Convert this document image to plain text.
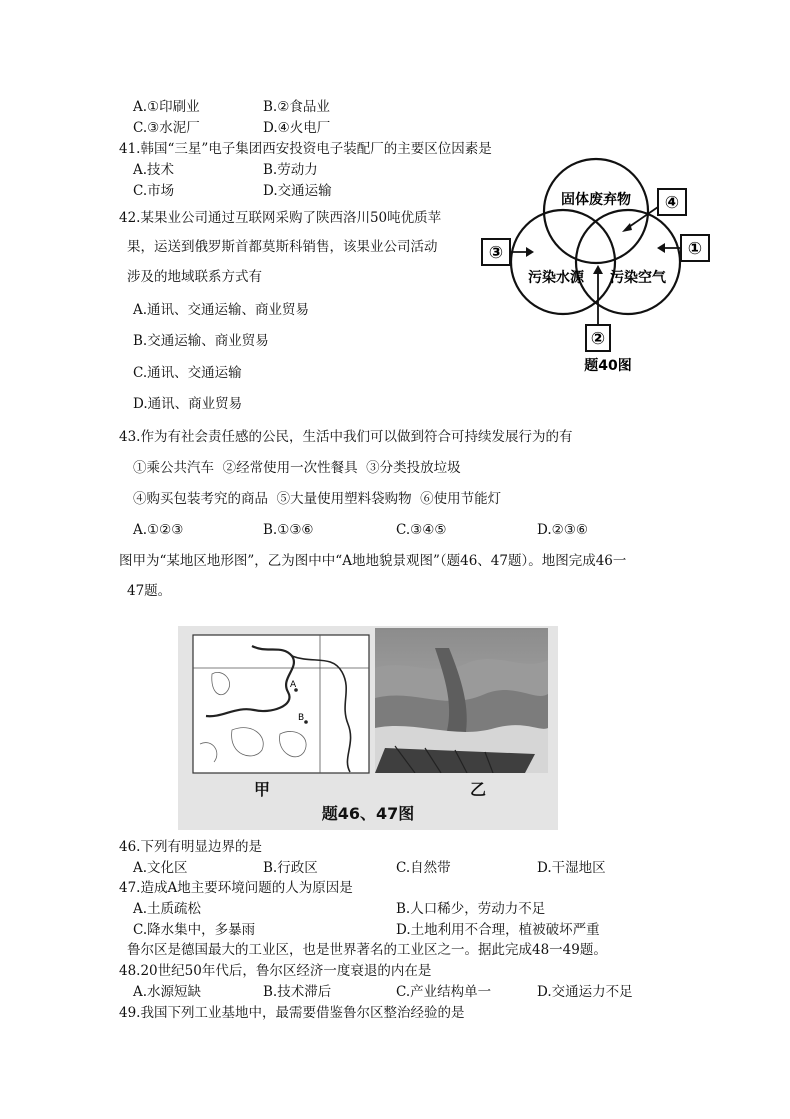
A.①印刷业	B.②食品业
C.③水泥厂	D.④火电厂
41.韩国“三星”电子集团西安投资电子装配厂的主要区位因素是
A.技术	B.劳动力
C.市场	D.交通运输
42.某果业公司通过互联网采购了陕西洛川50吨优质苹
果，运送到俄罗斯首都莫斯科销售，该果业公司活动
涉及的地域联系方式有
A.通讯、交通运输、商业贸易
B.交通运输、商业贸易
C.通讯、交通运输
D.通讯、商业贸易
固体废弃物
污染水源 污染空气
④
③	①
②
题40图
43.作为有社会责任感的公民，生活中我们可以做到符合可持续发展行为的有
①乘公共汽车  ②经常使用一次性餐具  ③分类投放垃圾
④购买包装考究的商品  ⑤大量使用塑料袋购物  ⑥使用节能灯
A.①②③	B.①③⑥	C.③④⑤	D.②③⑥
图甲为“某地区地形图”，乙为图中中“A地地貌景观图”（题46、47题）。地图完成46一
47题。
A
B
甲	乙
题46、47图
46.下列有明显边界的是
A.文化区	B.行政区	C.自然带	D.干湿地区
47.造成A地主要环境问题的人为原因是
A.土质疏松	B.人口稀少，劳动力不足
C.降水集中，多暴雨	D.土地利用不合理，植被破坏严重
鲁尔区是德国最大的工业区，也是世界著名的工业区之一。据此完成48一49题。
48.20世纪50年代后，鲁尔区经济一度衰退的内在是
A.水源短缺	B.技术滞后	C.产业结构单一	D.交通运力不足
49.我国下列工业基地中，最需要借鉴鲁尔区整治经验的是
